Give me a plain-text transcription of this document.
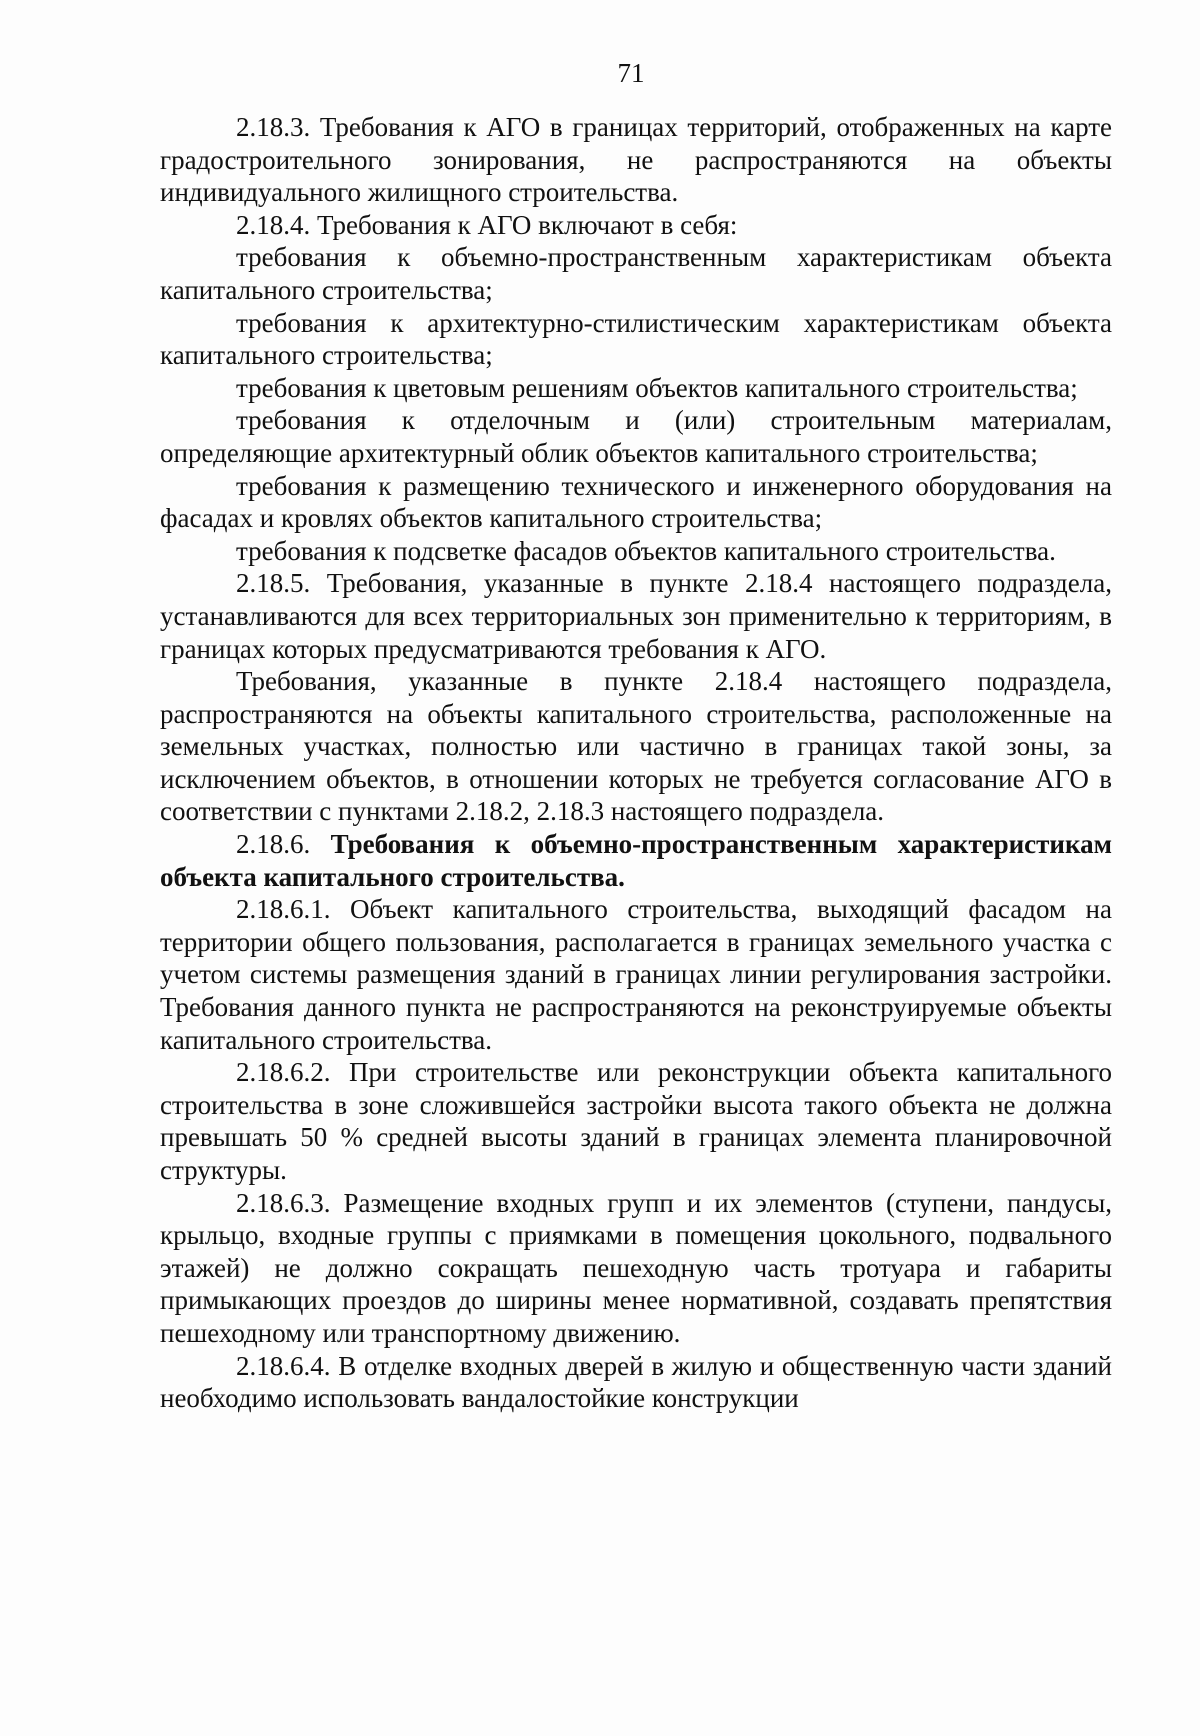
71

2.18.3. Требования к АГО в границах территорий, отображенных на карте градостроительного зонирования, не распространяются на объекты индивидуального жилищного строительства.

2.18.4. Требования к АГО включают в себя:

требования к объемно-пространственным характеристикам объекта капитального строительства;

требования к архитектурно-стилистическим характеристикам объекта капитального строительства;

требования к цветовым решениям объектов капитального строительства;

требования к отделочным и (или) строительным материалам, определяющие архитектурный облик объектов капитального строительства;

требования к размещению технического и инженерного оборудования на фасадах и кровлях объектов капитального строительства;

требования к подсветке фасадов объектов капитального строительства.

2.18.5. Требования, указанные в пункте 2.18.4 настоящего подраздела, устанавливаются для всех территориальных зон применительно к территориям, в границах которых предусматриваются требования к АГО.

Требования, указанные в пункте 2.18.4 настоящего подраздела, распространяются на объекты капитального строительства, расположенные на земельных участках, полностью или частично в границах такой зоны, за исключением объектов, в отношении которых не требуется согласование АГО в соответствии с пунктами 2.18.2, 2.18.3 настоящего подраздела.

2.18.6. Требования к объемно-пространственным характеристикам объекта капитального строительства.

2.18.6.1. Объект капитального строительства, выходящий фасадом на территории общего пользования, располагается в границах земельного участка с учетом системы размещения зданий в границах линии регулирования застройки. Требования данного пункта не распространяются на реконструируемые объекты капитального строительства.

2.18.6.2. При строительстве или реконструкции объекта капитального строительства в зоне сложившейся застройки высота такого объекта не должна превышать 50 % средней высоты зданий в границах элемента планировочной структуры.

2.18.6.3. Размещение входных групп и их элементов (ступени, пандусы, крыльцо, входные группы с приямками в помещения цокольного, подвального этажей) не должно сокращать пешеходную часть тротуара и габариты примыкающих проездов до ширины менее нормативной, создавать препятствия пешеходному или транспортному движению.

2.18.6.4. В отделке входных дверей в жилую и общественную части зданий необходимо использовать вандалостойкие конструкции
